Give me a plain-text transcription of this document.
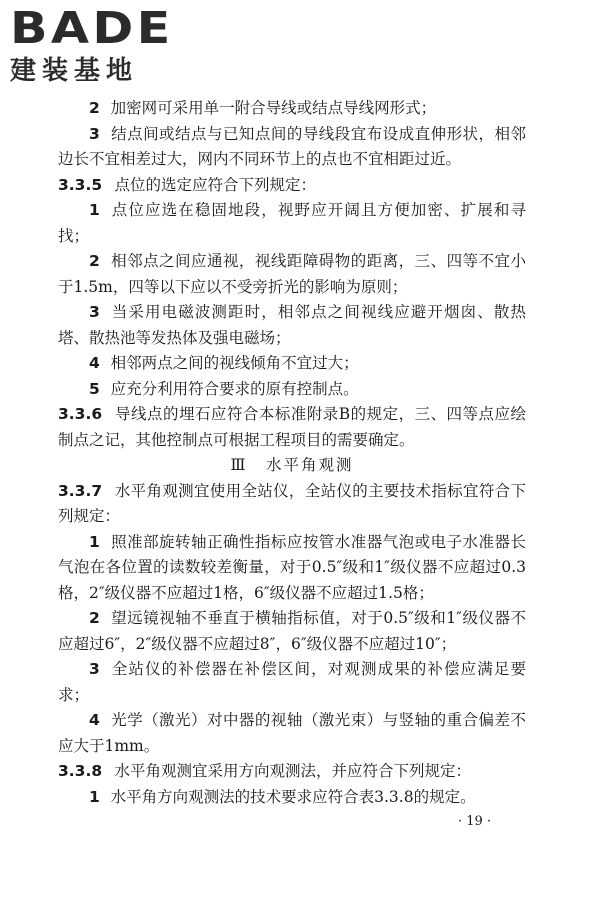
BADE
建装基地

2 加密网可采用单一附合导线或结点导线网形式；

3 结点间或结点与已知点间的导线段宜布设成直伸形状，相邻边长不宜相差过大，网内不同环节上的点也不宜相距过近。

3.3.5 点位的选定应符合下列规定：

1 点位应选在稳固地段，视野应开阔且方便加密、扩展和寻找；

2 相邻点之间应通视，视线距障碍物的距离，三、四等不宜小于1.5m，四等以下应以不受旁折光的影响为原则；

3 当采用电磁波测距时，相邻点之间视线应避开烟囱、散热塔、散热池等发热体及强电磁场；

4 相邻两点之间的视线倾角不宜过大；

5 应充分利用符合要求的原有控制点。

3.3.6 导线点的埋石应符合本标准附录B的规定，三、四等点应绘制点之记，其他控制点可根据工程项目的需要确定。

Ⅲ 水平角观测

3.3.7 水平角观测宜使用全站仪，全站仪的主要技术指标宜符合下列规定：

1 照准部旋转轴正确性指标应按管水准器气泡或电子水准器长气泡在各位置的读数较差衡量，对于0.5″级和1″级仪器不应超过0.3格，2″级仪器不应超过1格，6″级仪器不应超过1.5格；

2 望远镜视轴不垂直于横轴指标值，对于0.5″级和1″级仪器不应超过6″，2″级仪器不应超过8″，6″级仪器不应超过10″；

3 全站仪的补偿器在补偿区间，对观测成果的补偿应满足要求；

4 光学（激光）对中器的视轴（激光束）与竖轴的重合偏差不应大于1mm。

3.3.8 水平角观测宜采用方向观测法，并应符合下列规定：

1 水平角方向观测法的技术要求应符合表3.3.8的规定。

· 19 ·
